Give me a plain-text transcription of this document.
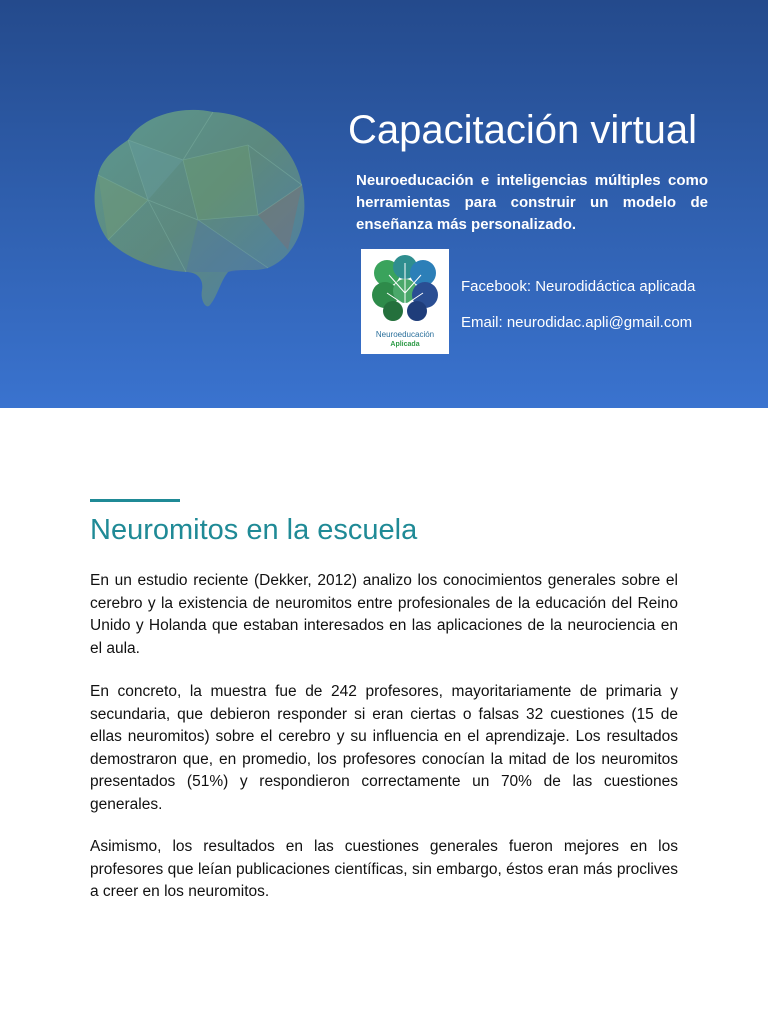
Capacitación virtual
Neuroeducación e inteligencias múltiples como herramientas para construir un modelo de enseñanza más personalizado.
Neuroeducación
Aplicada
Facebook: Neurodidáctica aplicada
Email: neurodidac.apli@gmail.com
Neuromitos en la escuela

En un estudio reciente (Dekker, 2012) analizo los conocimientos generales sobre el cerebro y la existencia de neuromitos entre profesionales de la educación del Reino Unido y Holanda que estaban interesados en las aplicaciones de la neurociencia en el aula.

En concreto, la muestra fue de 242 profesores, mayoritariamente de primaria y secundaria, que debieron responder si eran ciertas o falsas 32 cuestiones (15 de ellas neuromitos) sobre el cerebro y su influencia en el aprendizaje. Los resultados demostraron que, en promedio, los profesores conocían la mitad de los neuromitos presentados (51%) y respondieron correctamente un 70% de las cuestiones generales.

Asimismo, los resultados en las cuestiones generales fueron mejores en los profesores que leían publicaciones científicas, sin embargo, éstos eran más proclives a creer en los neuromitos.
